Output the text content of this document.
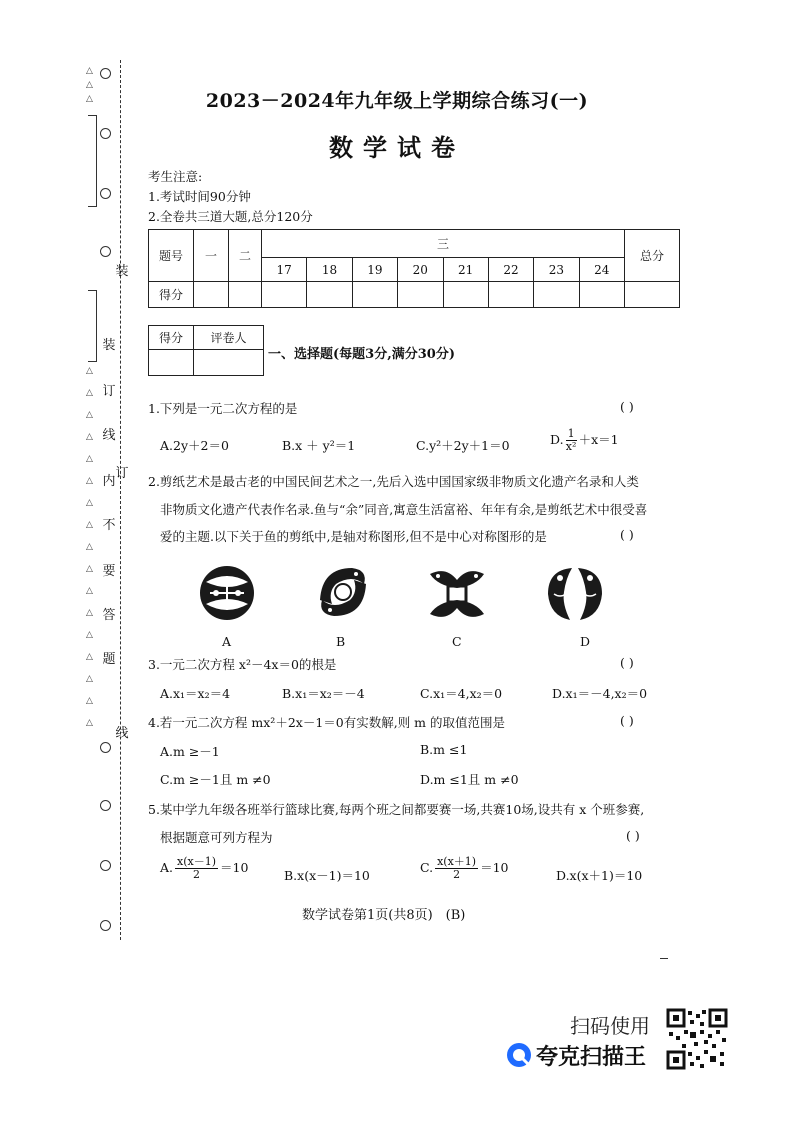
△
△
△
△
△
△
△
△
△
△
△
△
△
△
△
△
△
△
△
△
装
装
订
线
内
订
不
要
答
题
线
2023－2024年九年级上学期综合练习(一)
数学试卷
考生注意:
1.考试时间90分钟
2.全卷共三道大题,总分120分
题号	一	二	三								总分
			17	18	19	20	21	22	23	24	
得分											
得分	评卷人

一、选择题(每题3分,满分30分)
1.下列是一元二次方程的是	( )
A.2y＋2＝0	B.x ＋ y²＝1	C.y²＋2y＋1＝0	D. $\frac{1}{\text{x²}} +x=1$
2.剪纸艺术是最古老的中国民间艺术之一,先后入选中国国家级非物质文化遗产名录和人类
非物质文化遗产代表作名录.鱼与“余”同音,寓意生活富裕、年年有余,是剪纸艺术中很受喜
爱的主题.以下关于鱼的剪纸中,是轴对称图形,但不是中心对称图形的是	( )
A	B	C	D
3.一元二次方程 x²－4x＝0的根是	( )
A.x₁＝x₂＝4	B.x₁＝x₂＝－4	C.x₁＝4,x₂＝0	D.x₁＝－4,x₂＝0
4.若一元二次方程 mx²＋2x－1＝0有实数解,则 m 的取值范围是	( )
A.m ≥－1	B.m ≤1
C.m ≥－1且 m ≠0	D.m ≤1且 m ≠0
5.某中学九年级各班举行篮球比赛,每两个班之间都要赛一场,共赛10场,设共有 x 个班参赛,
根据题意可列方程为	( )
A. $\frac{x(x-1)}{2} =10$
B.x(x－1)＝10
C. $\frac{x(x+1)}{2} =10$
D.x(x＋1)＝10
数学试卷第1页(共8页)　(B)
扫码使用
夸克扫描王
